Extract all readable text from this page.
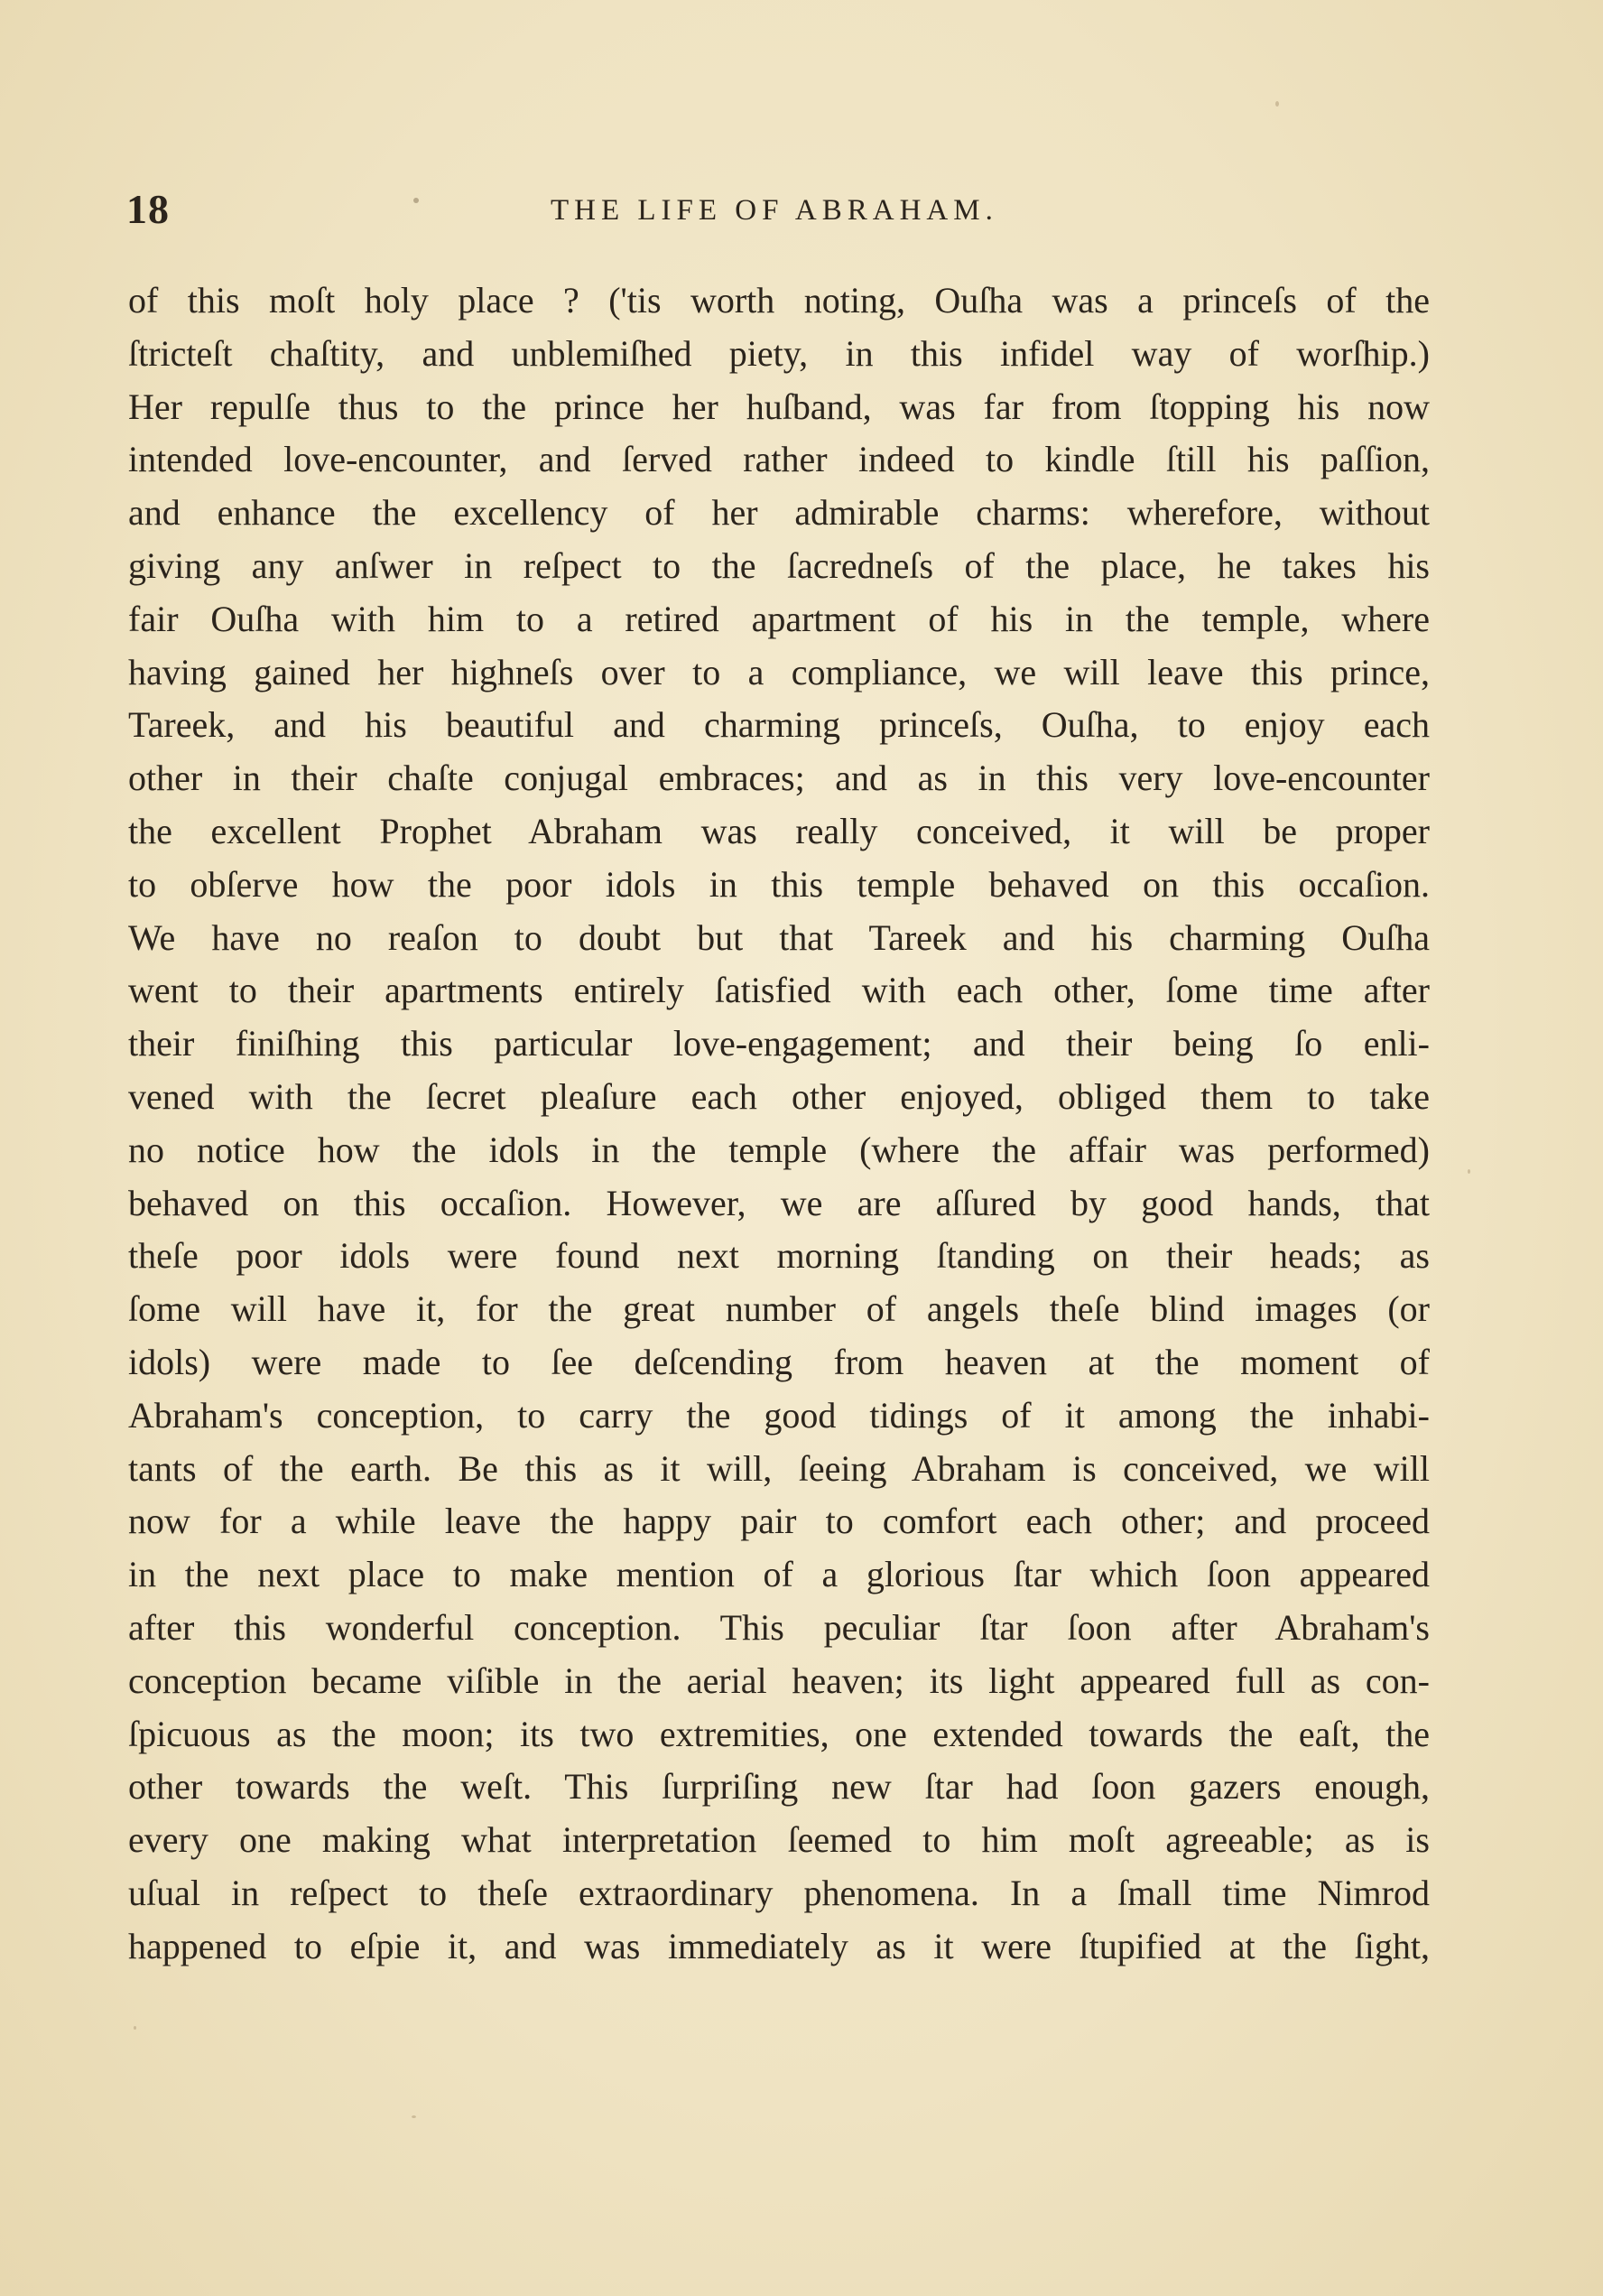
18	THE LIFE OF ABRAHAM.
of this moſt holy place ? ('tis worth noting, Ouſha was a princeſs of the
ſtricteſt chaſtity, and unblemiſhed piety, in this infidel way of worſhip.)
Her repulſe thus to the prince her huſband, was far from ſtopping his now
intended love-encounter, and ſerved rather indeed to kindle ſtill his paſſion,
and enhance the excellency of her admirable charms: wherefore, without
giving any anſwer in reſpect to the ſacredneſs of the place, he takes his
fair Ouſha with him to a retired apartment of his in the temple, where
having gained her highneſs over to a compliance, we will leave this prince,
Tareek, and his beautiful and charming princeſs, Ouſha, to enjoy each
other in their chaſte conjugal embraces; and as in this very love-encounter
the excellent Prophet Abraham was really conceived, it will be proper
to obſerve how the poor idols in this temple behaved on this occaſion.
We have no reaſon to doubt but that Tareek and his charming Ouſha
went to their apartments entirely ſatisfied with each other, ſome time after
their finiſhing this particular love-engagement; and their being ſo enli-
vened with the ſecret pleaſure each other enjoyed, obliged them to take
no notice how the idols in the temple (where the affair was performed)
behaved on this occaſion. However, we are aſſured by good hands, that
theſe poor idols were found next morning ſtanding on their heads; as
ſome will have it, for the great number of angels theſe blind images (or
idols) were made to ſee deſcending from heaven at the moment of
Abraham's conception, to carry the good tidings of it among the inhabi-
tants of the earth. Be this as it will, ſeeing Abraham is conceived, we will
now for a while leave the happy pair to comfort each other; and proceed
in the next place to make mention of a glorious ſtar which ſoon appeared
after this wonderful conception. This peculiar ſtar ſoon after Abraham's
conception became viſible in the aerial heaven; its light appeared full as con-
ſpicuous as the moon; its two extremities, one extended towards the eaſt, the
other towards the weſt. This ſurpriſing new ſtar had ſoon gazers enough,
every one making what interpretation ſeemed to him moſt agreeable; as is
uſual in reſpect to theſe extraordinary phenomena. In a ſmall time Nimrod
happened to eſpie it, and was immediately as it were ſtupified at the ſight,
